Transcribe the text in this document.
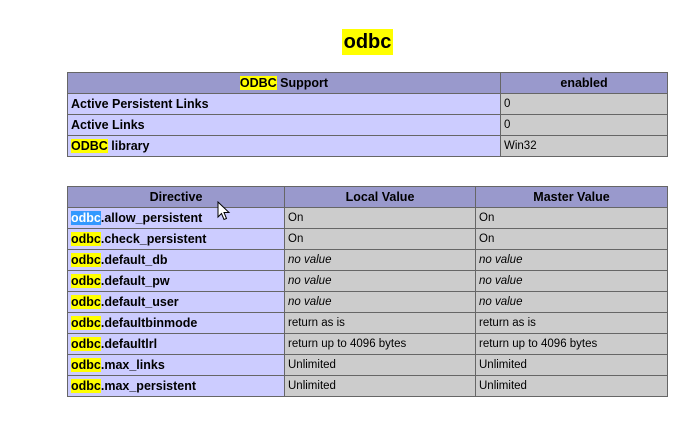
odbc
ODBC Support	enabled
Active Persistent Links	0
Active Links	0
ODBC library	Win32
Directive	Local Value	Master Value
odbc.allow_persistent	On	On
odbc.check_persistent	On	On
odbc.default_db	no value	no value
odbc.default_pw	no value	no value
odbc.default_user	no value	no value
odbc.defaultbinmode	return as is	return as is
odbc.defaultlrl	return up to 4096 bytes	return up to 4096 bytes
odbc.max_links	Unlimited	Unlimited
odbc.max_persistent	Unlimited	Unlimited
